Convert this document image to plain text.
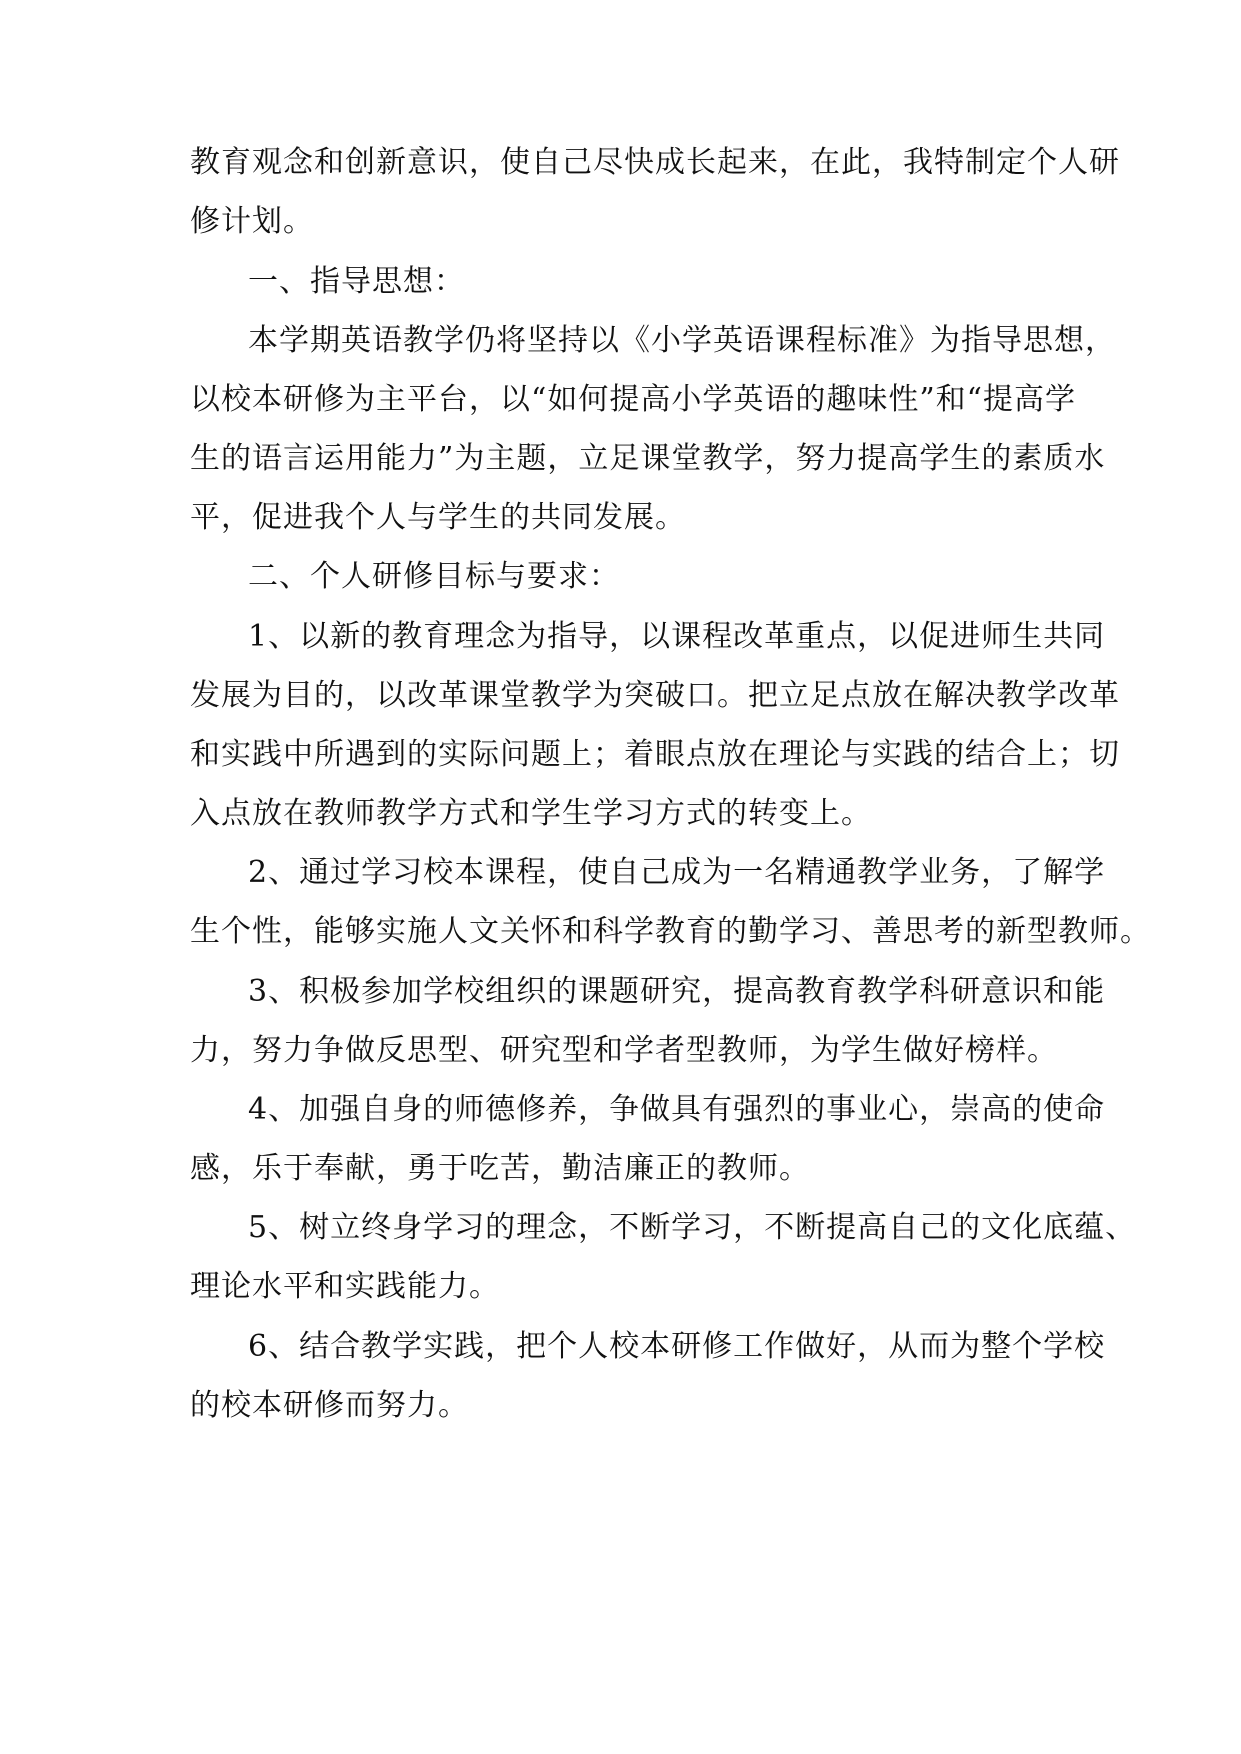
教育观念和创新意识，使自己尽快成长起来，在此，我特制定个人研
修计划。
一、指导思想：
本学期英语教学仍将坚持以《小学英语课程标准》为指导思想，
以校本研修为主平台，以“如何提高小学英语的趣味性”和“提高学
生的语言运用能力”为主题，立足课堂教学，努力提高学生的素质水
平，促进我个人与学生的共同发展。
二、个人研修目标与要求：
1、以新的教育理念为指导，以课程改革重点，以促进师生共同
发展为目的，以改革课堂教学为突破口。把立足点放在解决教学改革
和实践中所遇到的实际问题上；着眼点放在理论与实践的结合上；切
入点放在教师教学方式和学生学习方式的转变上。
2、通过学习校本课程，使自己成为一名精通教学业务，了解学
生个性，能够实施人文关怀和科学教育的勤学习、善思考的新型教师。
3、积极参加学校组织的课题研究，提高教育教学科研意识和能
力，努力争做反思型、研究型和学者型教师，为学生做好榜样。
4、加强自身的师德修养，争做具有强烈的事业心，崇高的使命
感，乐于奉献，勇于吃苦，勤洁廉正的教师。
5、树立终身学习的理念，不断学习，不断提高自己的文化底蕴、
理论水平和实践能力。
6、结合教学实践，把个人校本研修工作做好，从而为整个学校
的校本研修而努力。
